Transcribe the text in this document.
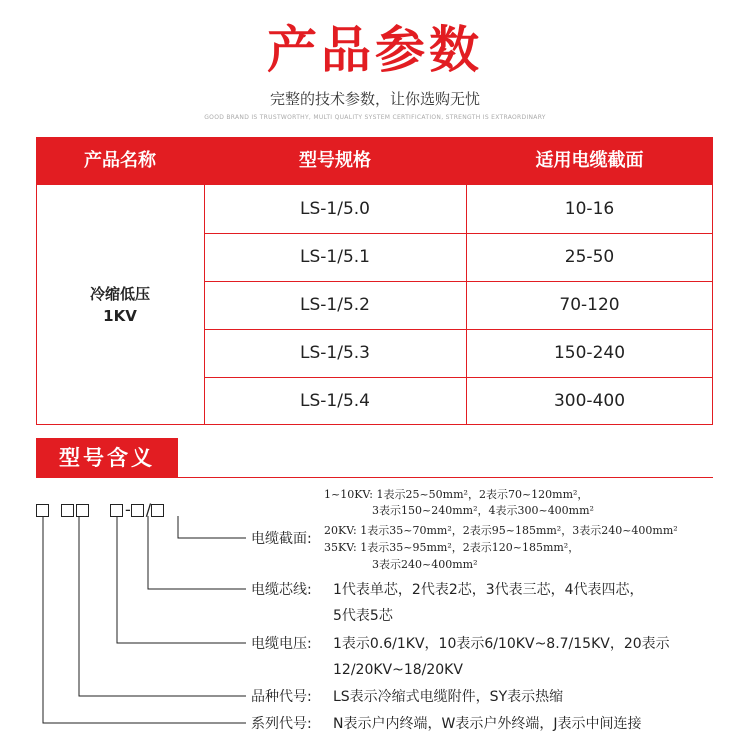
产品参数
完整的技术参数，让你选购无忧
GOOD BRAND IS TRUSTWORTHY, MULTI QUALITY SYSTEM CERTIFICATION, STRENGTH IS EXTRAORDINARY
产品名称	型号规格	适用电缆截面
冷缩低压
1KV
LS-1/5.0	10-16
LS-1/5.1	25-50
LS-1/5.2	70-120
LS-1/5.3	150-240
LS-1/5.4	300-400
型号含义
- /
1~10KV: 1表示25~50mm²，2表示70~120mm²，
3表示150~240mm²，4表示300~400mm²
电缆截面:
20KV: 1表示35~70mm²，2表示95~185mm²，3表示240~400mm²
35KV: 1表示35~95mm²，2表示120~185mm²，
3表示240~400mm²
电缆芯线: 1代表单芯，2代表2芯，3代表三芯，4代表四芯，
5代表5芯
电缆电压: 1表示0.6/1KV，10表示6/10KV~8.7/15KV，20表示
12/20KV~18/20KV
品种代号: LS表示冷缩式电缆附件，SY表示热缩
系列代号: N表示户内终端，W表示户外终端，J表示中间连接
